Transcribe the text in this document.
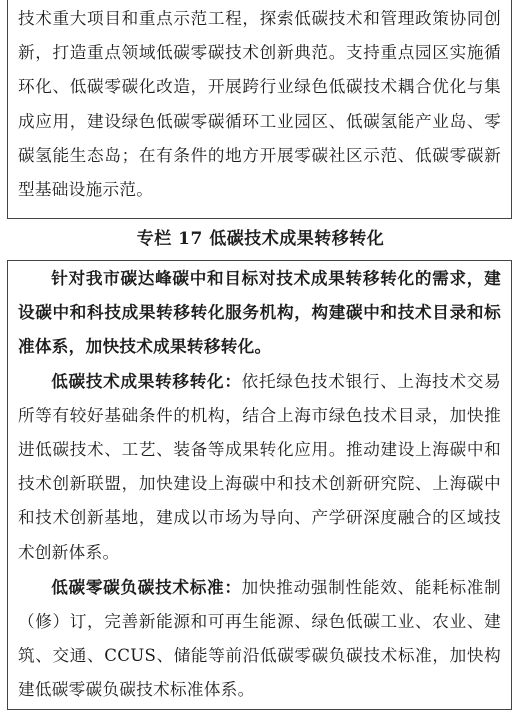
技术重大项目和重点示范工程，探索低碳技术和管理政策协同创新，打造重点领域低碳零碳技术创新典范。支持重点园区实施循环化、低碳零碳化改造，开展跨行业绿色低碳技术耦合优化与集成应用，建设绿色低碳零碳循环工业园区、低碳氢能产业岛、零碳氢能生态岛；在有条件的地方开展零碳社区示范、低碳零碳新型基础设施示范。

专栏 17 低碳技术成果转移转化

针对我市碳达峰碳中和目标对技术成果转移转化的需求，建设碳中和科技成果转移转化服务机构，构建碳中和技术目录和标准体系，加快技术成果转移转化。

低碳技术成果转移转化：依托绿色技术银行、上海技术交易所等有较好基础条件的机构，结合上海市绿色技术目录，加快推进低碳技术、工艺、装备等成果转化应用。推动建设上海碳中和技术创新联盟，加快建设上海碳中和技术创新研究院、上海碳中和技术创新基地，建成以市场为导向、产学研深度融合的区域技术创新体系。

低碳零碳负碳技术标准：加快推动强制性能效、能耗标准制（修）订，完善新能源和可再生能源、绿色低碳工业、农业、建筑、交通、CCUS、储能等前沿低碳零碳负碳技术标准，加快构建低碳零碳负碳技术标准体系。
